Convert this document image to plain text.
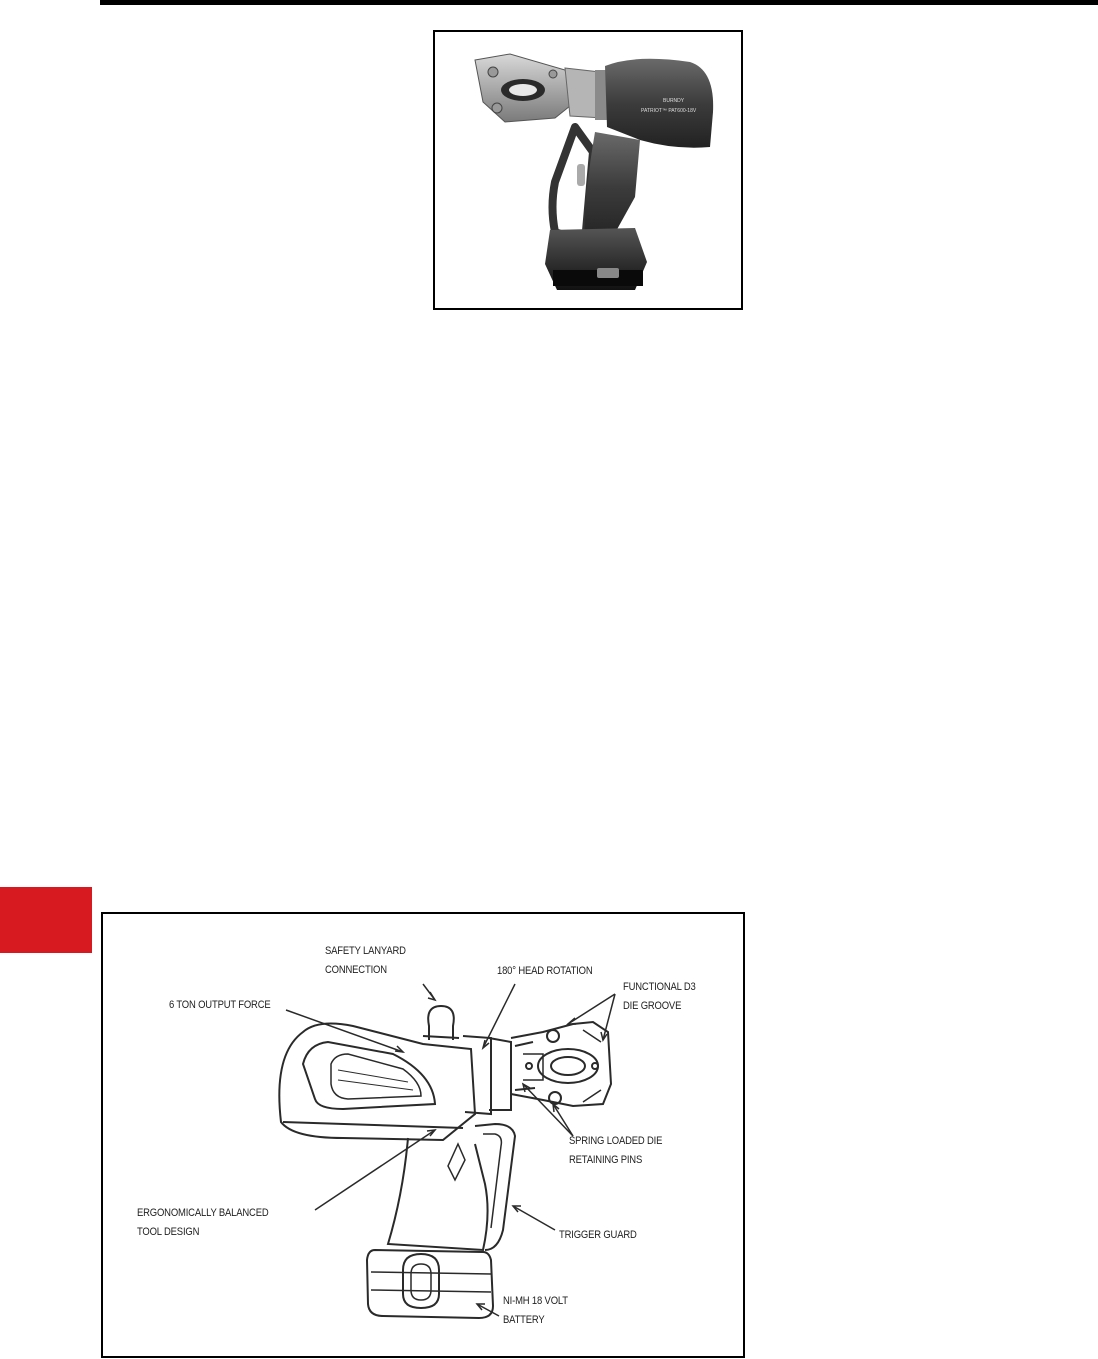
BURNDY
PATRIOT™ PAT600-18V
SAFETY LANYARD
CONNECTION	180° HEAD ROTATION
FUNCTIONAL D3
DIE GROOVE
6 TON OUTPUT FORCE
SPRING LOADED DIE
RETAINING PINS
ERGONOMICALLY BALANCED
TOOL DESIGN	TRIGGER GUARD
NI-MH 18 VOLT
BATTERY
